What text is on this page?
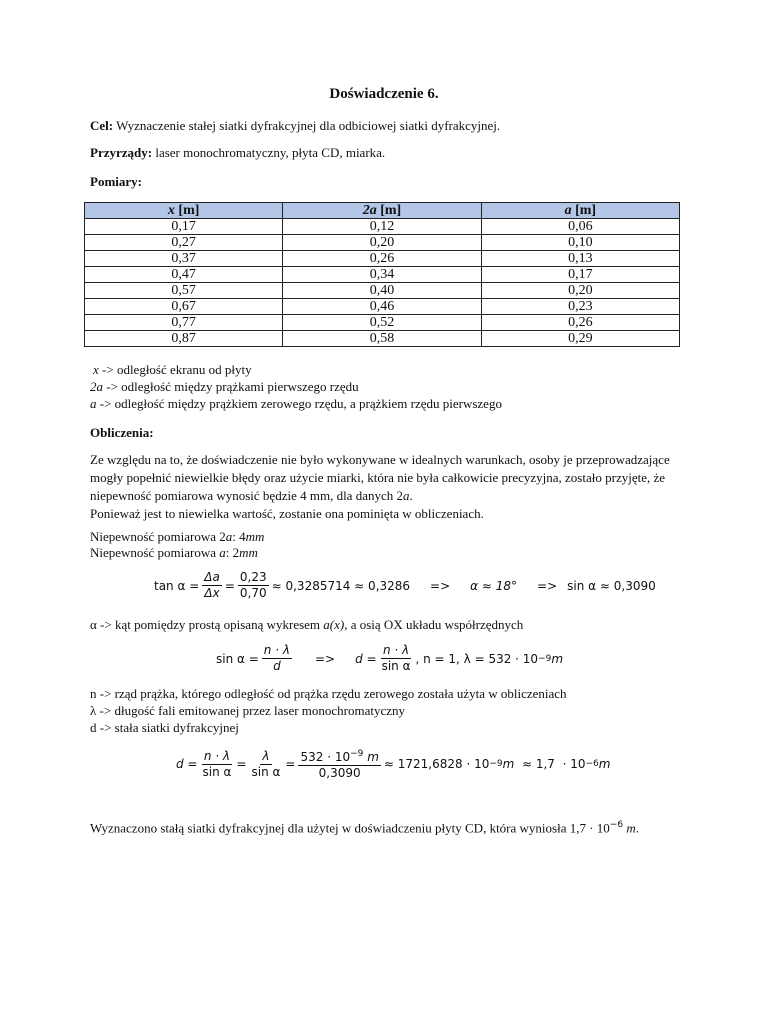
Doświadczenie 6.
Cel: Wyznaczenie stałej siatki dyfrakcyjnej dla odbiciowej siatki dyfrakcyjnej.
Przyrządy: laser monochromatyczny, płyta CD, miarka.
Pomiary:
x [m]	2a [m]	a [m]
0,17	0,12	0,06
0,27	0,20	0,10
0,37	0,26	0,13
0,47	0,34	0,17
0,57	0,40	0,20
0,67	0,46	0,23
0,77	0,52	0,26
0,87	0,58	0,29
x -> odległość ekranu od płyty
2a -> odległość między prążkami pierwszego rzędu
a -> odległość między prążkiem zerowego rzędu, a prążkiem rzędu pierwszego
Obliczenia:
Ze względu na to, że doświadczenie nie było wykonywane w idealnych warunkach, osoby je przeprowadzające
mogły popełnić niewielkie błędy oraz użycie miarki, która nie była całkowicie precyzyjna, zostało przyjęte, że
niepewność pomiarowa wynosić będzie 4 mm, dla danych 2a.
Ponieważ jest to niewielka wartość, zostanie ona pominięta w obliczeniach.
Niepewność pomiarowa 2a: 4mm
Niepewność pomiarowa a: 2mm
$\tan \alpha = \frac{\Delta a}{\Delta x} = \frac{0,23}{0,70} \approx 0,3285714 \approx 0,3286 => \alpha \approx 18^\circ => \sin \alpha \approx 0,3090$
α -> kąt pomiędzy prostą opisaną wykresem a(x), a osią OX układu współrzędnych
$\sin \alpha = \frac{n \cdot \lambda}{d} => d = \frac{n \cdot \lambda}{\text{sin α}}$ , n = 1, λ = 532 · 10 −9 m
n -> rząd prążka, którego odległość od prążka rzędu zerowego została użyta w obliczeniach
λ -> długość fali emitowanej przez laser monochromatyczny
d -> stała siatki dyfrakcyjnej
$d = \frac{n \cdot \lambda}{\text{sin α}} = \frac{\lambda}{\text{sin α}} = \frac{532 \cdot 10^{-9} m}{0,3090} \approx 1721,6828 \cdot 10 -9$ m ≈ 1,7  · 10 −6 m
Wyznaczono stałą siatki dyfrakcyjnej dla użytej w doświadczeniu płyty CD, która wyniosła $1,7 \cdot 10^{-6}$ m.
